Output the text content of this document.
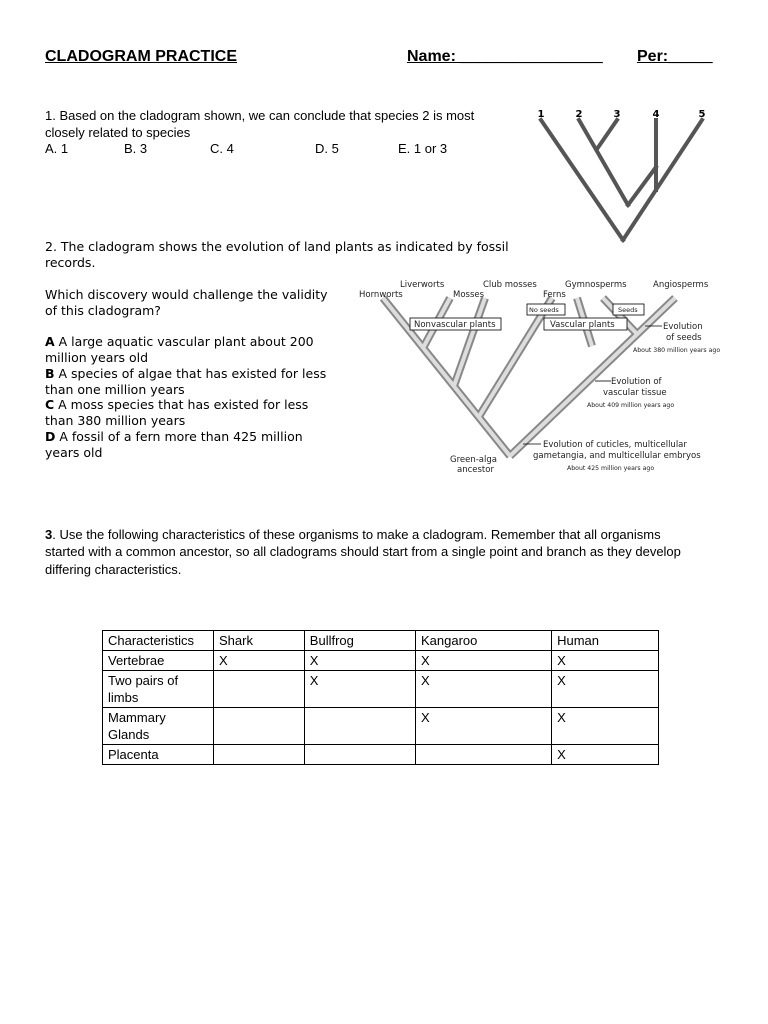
CLADOGRAM PRACTICE	Name: ________________ Per:_____
1. Based on the cladogram shown, we can conclude that species 2 is most
closely related to species
A. 1	B. 3	C. 4	D. 5	E. 1 or 3
1	2	3	4	5
2. The cladogram shows the evolution of land plants as indicated by fossil
records.
Which discovery would challenge the validity
of this cladogram?
A A large aquatic vascular plant about 200
million years old
B A species of algae that has existed for less
than one million years
C A moss species that has existed for less
than 380 million years
D A fossil of a fern more than 425 million
years old
Liverworts	Club mosses	Gymnosperms	Angiosperms
Hornworts	Mosses	Ferns
Nonvascular plants	Vascular plants
No seeds	Seeds
Evolution
of seeds
Evolution of
vascular tissue
Evolution of cuticles, multicellular
gametangia, and multicellular embryos
Green-alga
ancestor
About 380 million years ago
About 409 million years ago
About 425 million years ago
3. Use the following characteristics of these organisms to make a cladogram. Remember that all organisms
started with a common ancestor, so all cladograms should start from a single point and branch as they develop
differing characteristics.
Characteristics	Shark	Bullfrog	Kangaroo	Human

Vertebrae	X	X	X	X

Two pairs of
limbs		X	X	X

Mammary
Glands			X	X

Placenta				X
